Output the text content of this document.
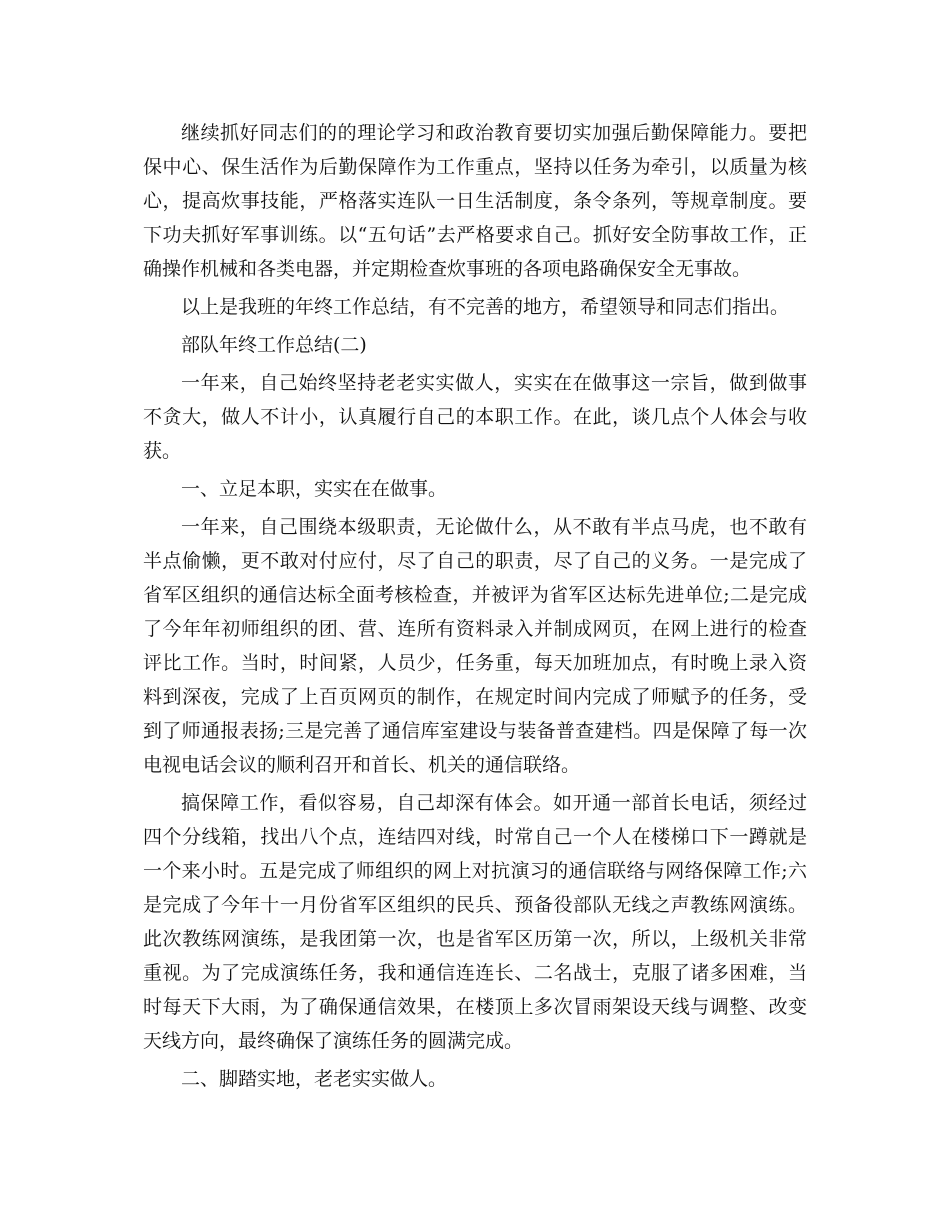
继续抓好同志们的的理论学习和政治教育要切实加强后勤保障能力。要把保中心、保生活作为后勤保障作为工作重点，坚持以任务为牵引，以质量为核心，提高炊事技能，严格落实连队一日生活制度，条令条列，等规章制度。要下功夫抓好军事训练。以“五句话”去严格要求自己。抓好安全防事故工作，正确操作机械和各类电器，并定期检查炊事班的各项电路确保安全无事故。

以上是我班的年终工作总结，有不完善的地方，希望领导和同志们指出。

部队年终工作总结(二)

一年来，自己始终坚持老老实实做人，实实在在做事这一宗旨，做到做事不贪大，做人不计小，认真履行自己的本职工作。在此，谈几点个人体会与收获。

一、立足本职，实实在在做事。

一年来，自己围绕本级职责，无论做什么，从不敢有半点马虎，也不敢有半点偷懒，更不敢对付应付，尽了自己的职责，尽了自己的义务。一是完成了省军区组织的通信达标全面考核检查，并被评为省军区达标先进单位;二是完成了今年年初师组织的团、营、连所有资料录入并制成网页，在网上进行的检查评比工作。当时，时间紧，人员少，任务重，每天加班加点，有时晚上录入资料到深夜，完成了上百页网页的制作，在规定时间内完成了师赋予的任务，受到了师通报表扬;三是完善了通信库室建设与装备普查建档。四是保障了每一次电视电话会议的顺利召开和首长、机关的通信联络。

搞保障工作，看似容易，自己却深有体会。如开通一部首长电话，须经过四个分线箱，找出八个点，连结四对线，时常自己一个人在楼梯口下一蹲就是一个来小时。五是完成了师组织的网上对抗演习的通信联络与网络保障工作;六是完成了今年十一月份省军区组织的民兵、预备役部队无线之声教练网演练。此次教练网演练，是我团第一次，也是省军区历第一次，所以，上级机关非常重视。为了完成演练任务，我和通信连连长、二名战士，克服了诸多困难，当时每天下大雨，为了确保通信效果，在楼顶上多次冒雨架设天线与调整、改变天线方向，最终确保了演练任务的圆满完成。

二、脚踏实地，老老实实做人。
